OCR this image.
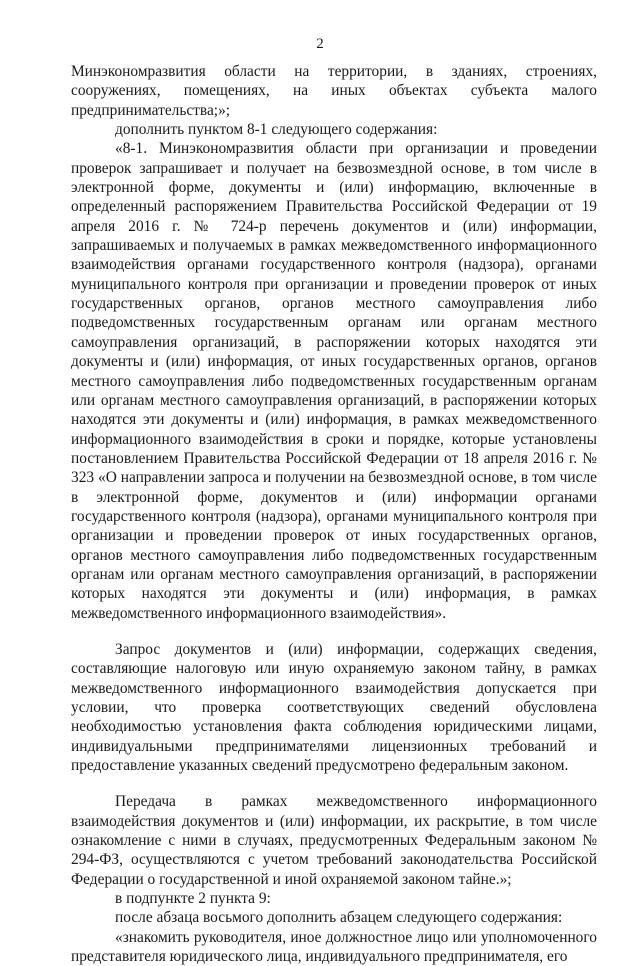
2

Минэкономразвития области на территории, в зданиях, строениях, сооружениях, помещениях, на иных объектах субъекта малого предпринимательства;»;

дополнить пунктом 8-1 следующего содержания:

«8-1. Минэкономразвития области при организации и проведении проверок запрашивает и получает на безвозмездной основе, в том числе в электронной форме, документы и (или) информацию, включенные в определенный распоряжением Правительства Российской Федерации от 19 апреля 2016 г. № 724-р перечень документов и (или) информации, запрашиваемых и получаемых в рамках межведомственного информационного взаимодействия органами государственного контроля (надзора), органами муниципального контроля при организации и проведении проверок от иных государственных органов, органов местного самоуправления либо подведомственных государственным органам или органам местного самоуправления организаций, в распоряжении которых находятся эти документы и (или) информация, от иных государственных органов, органов местного самоуправления либо подведомственных государственным органам или органам местного самоуправления организаций, в распоряжении которых находятся эти документы и (или) информация, в рамках межведомственного информационного взаимодействия в сроки и порядке, которые установлены постановлением Правительства Российской Федерации от 18 апреля 2016 г. № 323 «О направлении запроса и получении на безвозмездной основе, в том числе в электронной форме, документов и (или) информации органами государственного контроля (надзора), органами муниципального контроля при организации и проведении проверок от иных государственных органов, органов местного самоуправления либо подведомственных государственным органам или органам местного самоуправления организаций, в распоряжении которых находятся эти документы и (или) информация, в рамках межведомственного информационного взаимодействия».

Запрос документов и (или) информации, содержащих сведения, составляющие налоговую или иную охраняемую законом тайну, в рамках межведомственного информационного взаимодействия допускается при условии, что проверка соответствующих сведений обусловлена необходимостью установления факта соблюдения юридическими лицами, индивидуальными предпринимателями лицензионных требований и предоставление указанных сведений предусмотрено федеральным законом.

Передача в рамках межведомственного информационного взаимодействия документов и (или) информации, их раскрытие, в том числе ознакомление с ними в случаях, предусмотренных Федеральным законом № 294-ФЗ, осуществляются с учетом требований законодательства Российской Федерации о государственной и иной охраняемой законом тайне.»;

в подпункте 2 пункта 9:

после абзаца восьмого дополнить абзацем следующего содержания:

«знакомить руководителя, иное должностное лицо или уполномоченного представителя юридического лица, индивидуального предпринимателя, его
